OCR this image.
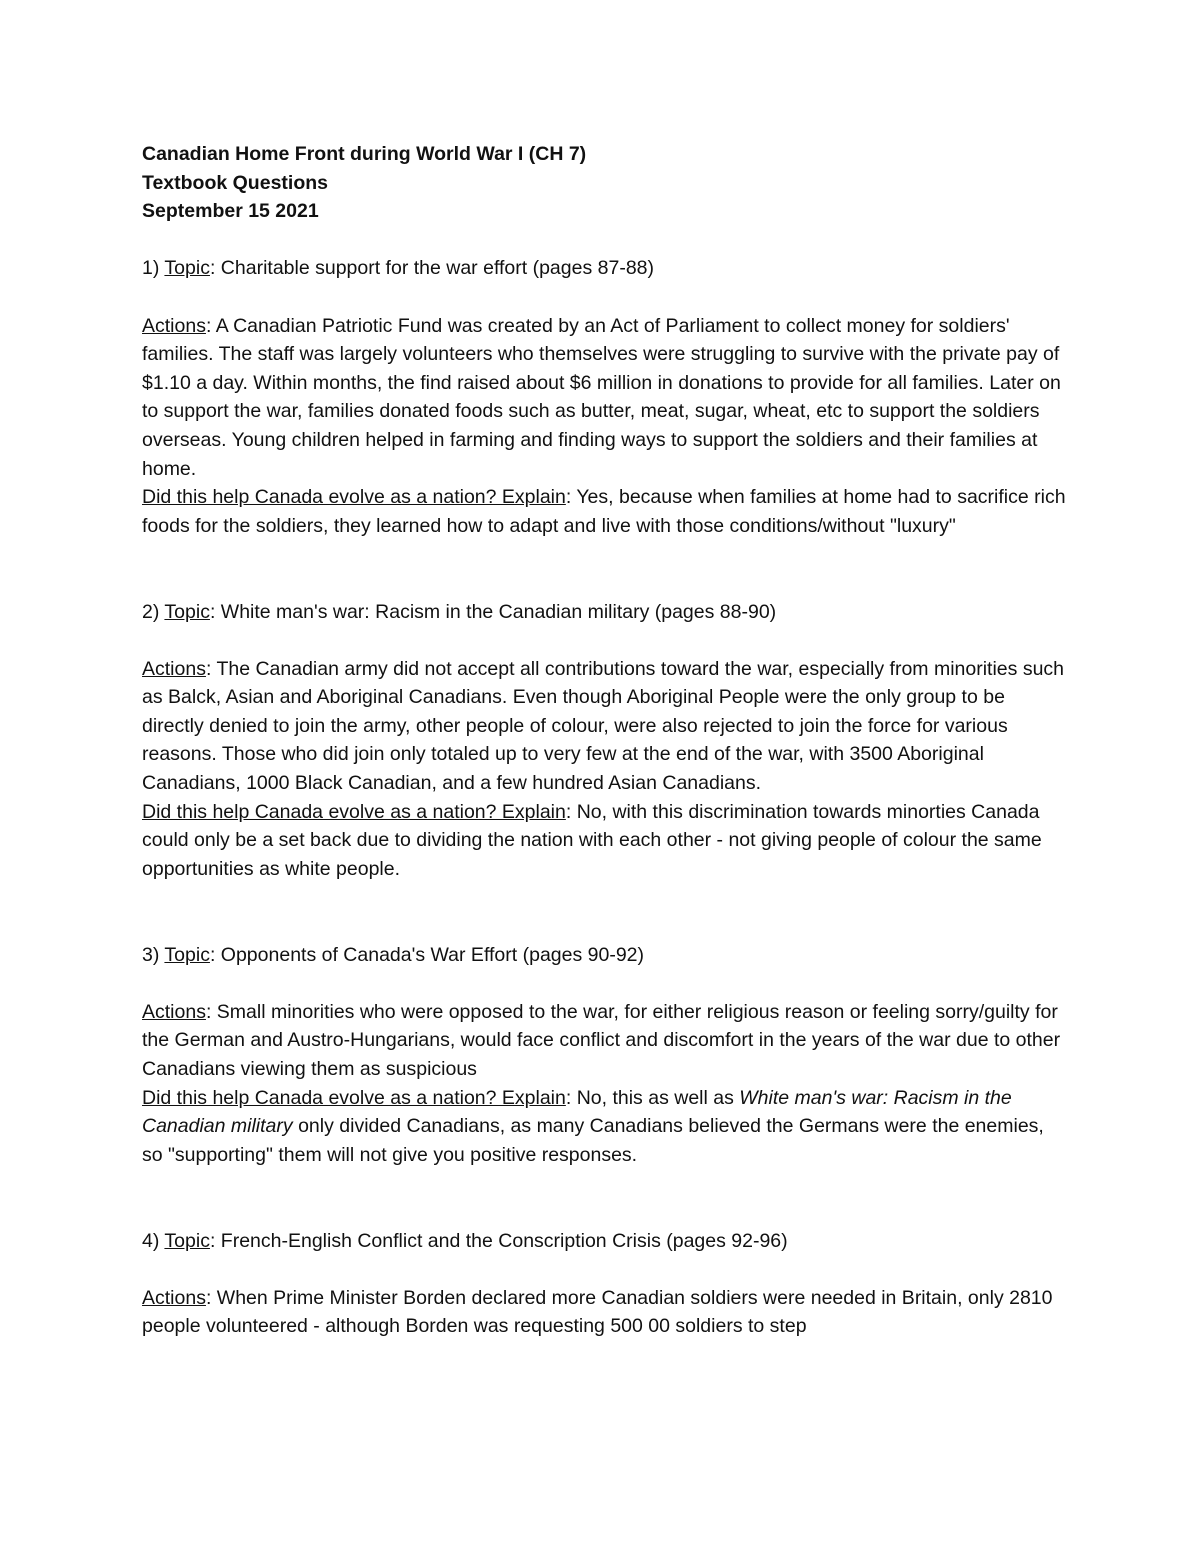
Canadian Home Front during World War I (CH 7)
Textbook Questions
September 15 2021

1) Topic: Charitable support for the war effort (pages 87-88)

Actions: A Canadian Patriotic Fund was created by an Act of Parliament to collect money for soldiers' families. The staff was largely volunteers who themselves were struggling to survive with the private pay of $1.10 a day. Within months, the find raised about $6 million in donations to provide for all families. Later on to support the war, families donated foods such as butter, meat, sugar, wheat, etc to support the soldiers overseas. Young children helped in farming and finding ways to support the soldiers and their families at home.

Did this help Canada evolve as a nation? Explain: Yes, because when families at home had to sacrifice rich foods for the soldiers, they learned how to adapt and live with those conditions/without "luxury"

2) Topic: White man's war: Racism in the Canadian military (pages 88-90)

Actions: The Canadian army did not accept all contributions toward the war, especially from minorities such as Balck, Asian and Aboriginal Canadians. Even though Aboriginal People were the only group to be directly denied to join the army, other people of colour, were also rejected to join the force for various reasons. Those who did join only totaled up to very few at the end of the war, with 3500 Aboriginal Canadians, 1000 Black Canadian, and a few hundred Asian Canadians.

Did this help Canada evolve as a nation? Explain: No, with this discrimination towards minorties Canada could only be a set back due to dividing the nation with each other - not giving people of colour the same opportunities as white people.

3) Topic: Opponents of Canada's War Effort (pages 90-92)

Actions: Small minorities who were opposed to the war, for either religious reason or feeling sorry/guilty for the German and Austro-Hungarians, would face conflict and discomfort in the years of the war due to other Canadians viewing them as suspicious

Did this help Canada evolve as a nation? Explain: No, this as well as White man's war: Racism in the Canadian military only divided Canadians, as many Canadians believed the Germans were the enemies, so "supporting" them will not give you positive responses.

4) Topic: French-English Conflict and the Conscription Crisis (pages 92-96)

Actions: When Prime Minister Borden declared more Canadian soldiers were needed in Britain, only 2810 people volunteered - although Borden was requesting 500 00 soldiers to step
